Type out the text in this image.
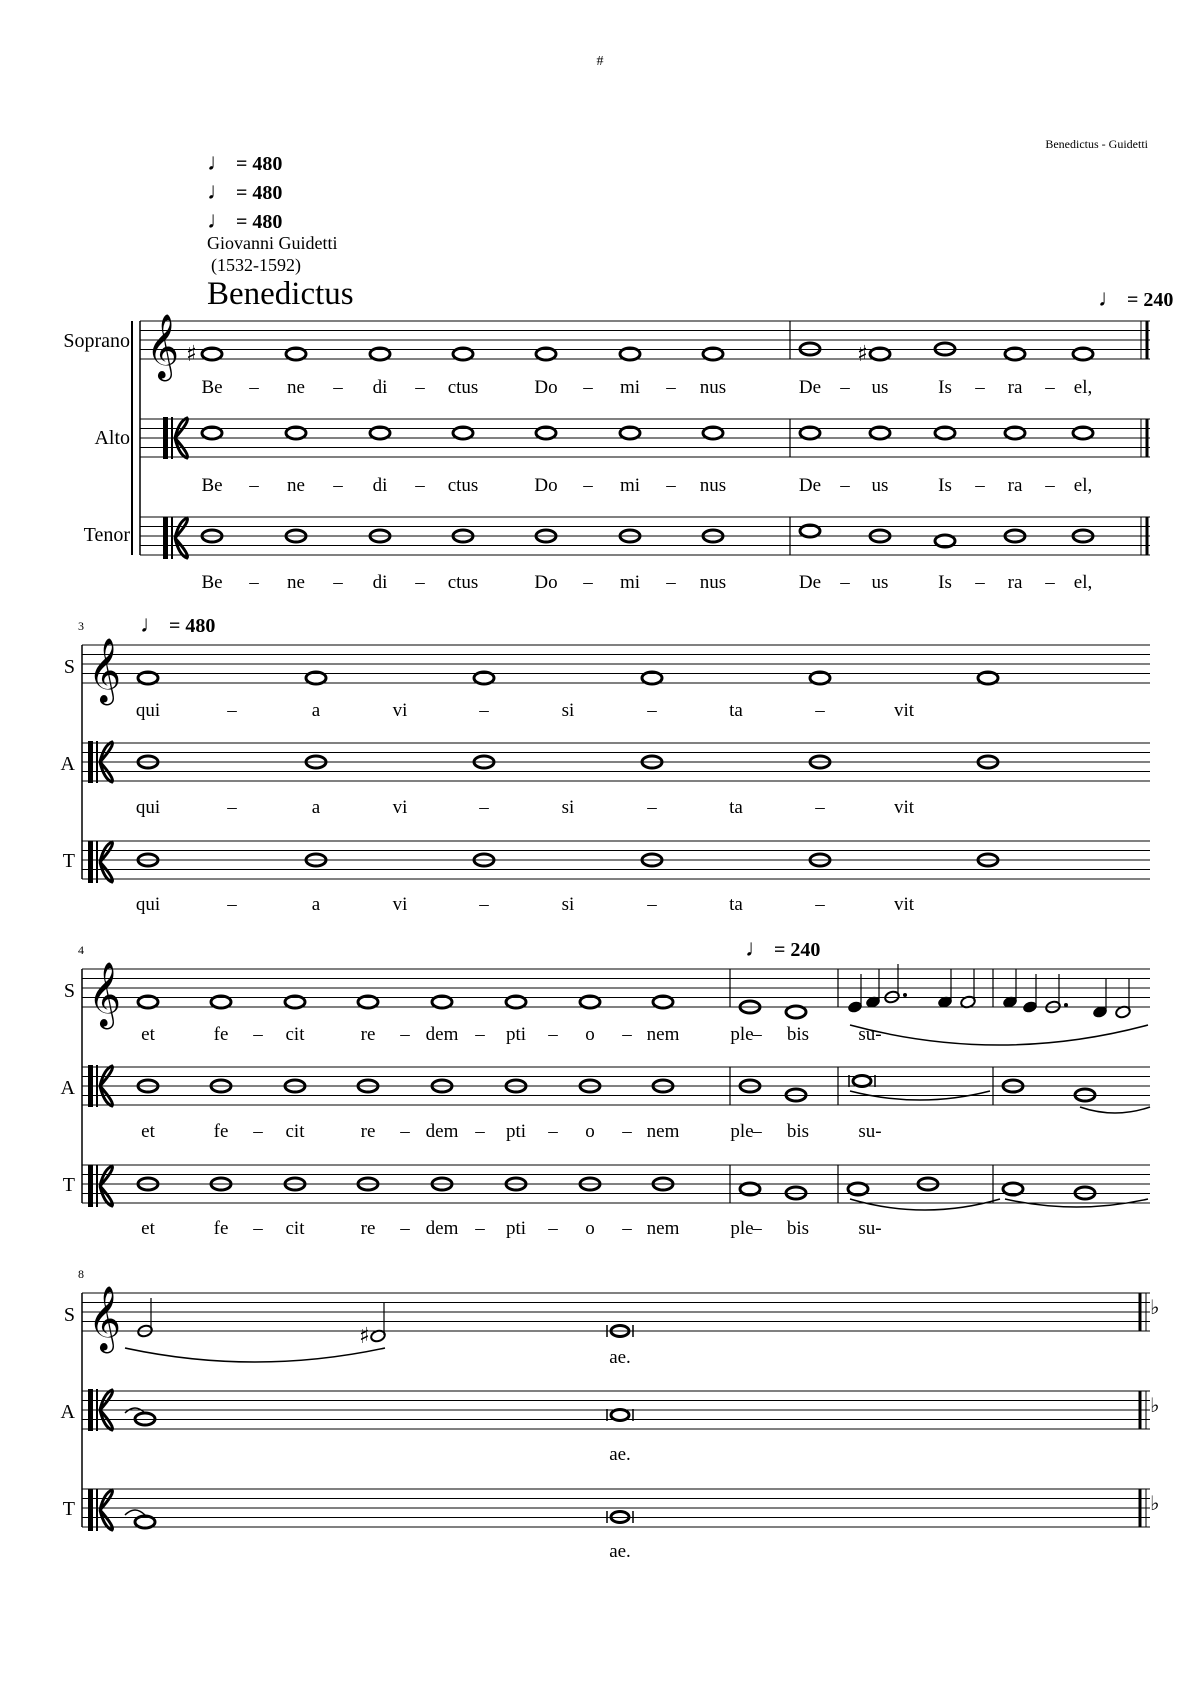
𝄞 ♯	♯
𝄞
𝄞
𝄞	♭
♭
♭
♯
#
Benedictus - Guidetti
♩ = 480
♩ = 480
♩ = 480
Giovanni Guidetti
(1532-1592)
Benedictus
Soprano
Alto
Tenor
♩ = 240
S
A
T
♩ = 480
3
S
A
T
♩ = 240
4
S
A
T
8
Be – ne – di – ctus	Do – mi – nus	De – us	Is – ra – el,
Be – ne – di – ctus	Do – mi – nus	De – us	Is – ra – el,
Be – ne – di – ctus	Do – mi – nus	De – us	Is – ra – el,
qui	–	a	vi	–	si	–	ta	–	vit
qui	–	a	vi	–	si	–	ta	–	vit
qui	–	a	vi	–	si	–	ta	–	vit
et	fe – cit	re – dem – pti – o – nem	ple
– bis	su-
et	fe – cit	re – dem – pti – o – nem	ple
– bis	su-
et	fe – cit	re – dem – pti – o – nem	ple
– bis	su-
ae.
ae.
ae.
